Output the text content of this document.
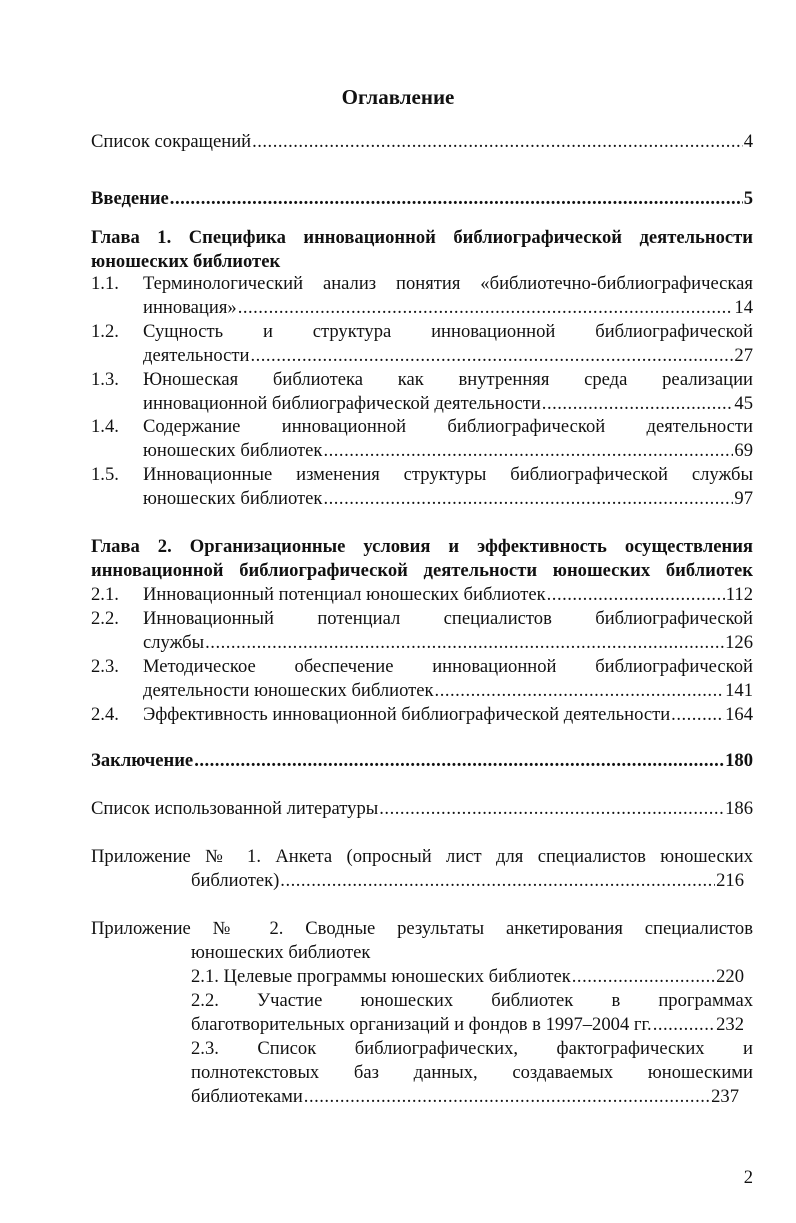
Оглавление
Список сокращений .....	4
Введение .....	5
Глава 1. Специфика инновационной библиографической деятельности
юношеских библиотек
1.1.	Терминологический анализ понятия «библиотечно-библиографическая
инновация» .....	14
1.2.	Сущность и структура инновационной библиографической
деятельности .....	27
1.3.	Юношеская библиотека как внутренняя среда реализации
инновационной библиографической деятельности .....	45
1.4.	Содержание инновационной библиографической деятельности
юношеских библиотек .....	69
1.5.	Инновационные изменения структуры библиографической службы
юношеских библиотек .....	97
Глава 2. Организационные условия и эффективность осуществления
инновационной библиографической деятельности юношеских библиотек
2.1.	Инновационный потенциал юношеских библиотек .....	112
2.2.	Инновационный потенциал специалистов библиографической
службы .....	126
2.3.	Методическое обеспечение инновационной библиографической
деятельности юношеских библиотек .....	141
2.4.	Эффективность инновационной библиографической деятельности .....	164
Заключение .....	180
Список использованной литературы .....	186
Приложение № 1. Анкета (опросный лист для специалистов юношеских
библиотек) .....	216
Приложение № 2. Сводные результаты анкетирования специалистов
юношеских библиотек
2.1. Целевые программы юношеских библиотек .....	220
2.2. Участие юношеских библиотек в программах
благотворительных организаций и фондов в 1997–2004 гг. .....	232
2.3. Список библиографических, фактографических и
полнотекстовых баз данных, создаваемых юношескими
библиотеками .....	237
2
